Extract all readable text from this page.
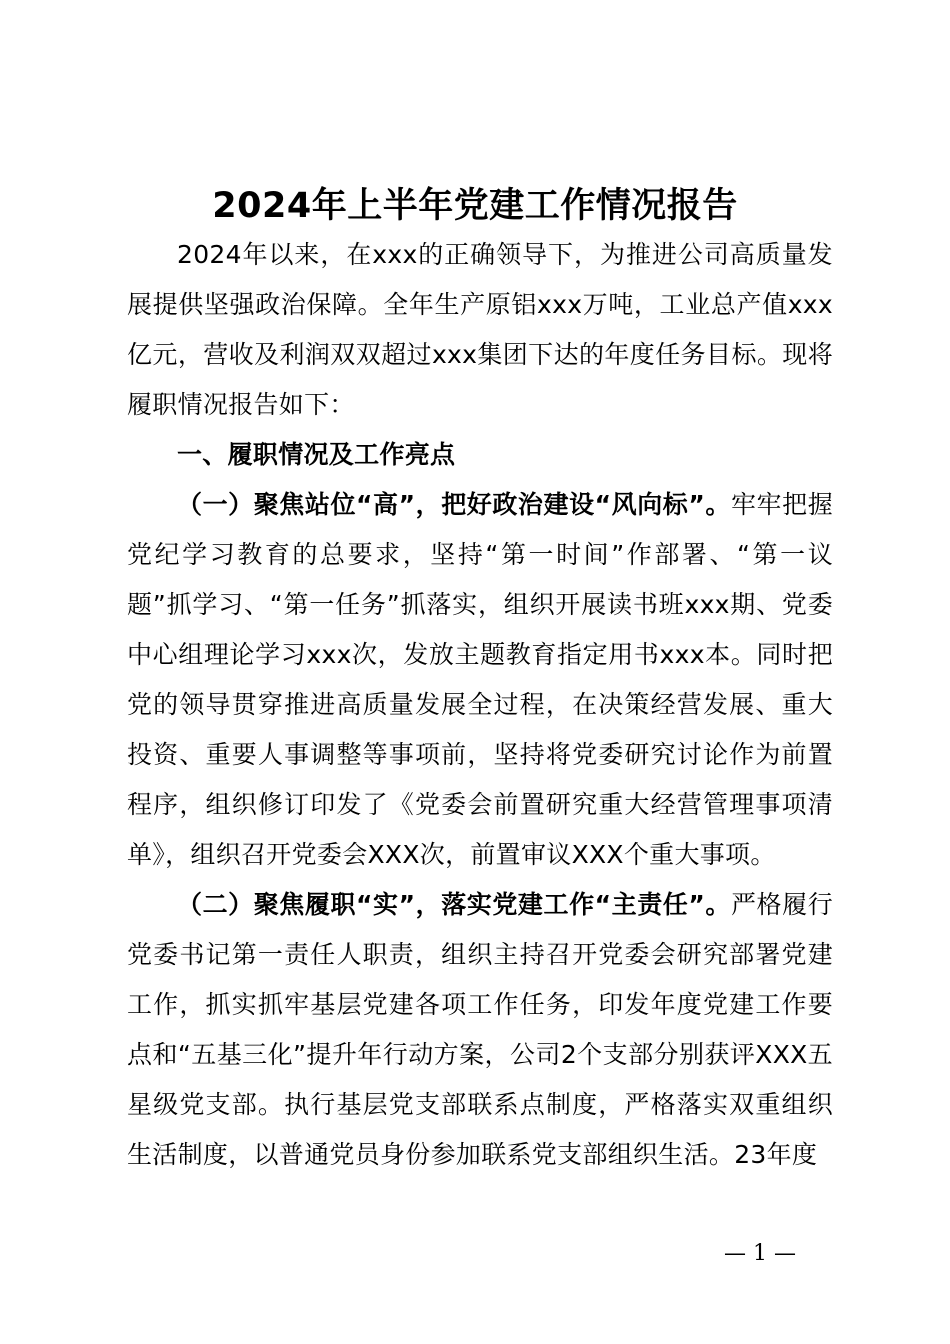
2024年上半年党建工作情况报告

2024年以来，在xxx的正确领导下，为推进公司高质量发展提供坚强政治保障。全年生产原铝xxx万吨，工业总产值xxx亿元，营收及利润双双超过xxx集团下达的年度任务目标。现将履职情况报告如下：

一、履职情况及工作亮点

（一）聚焦站位“高”，把好政治建设“风向标”。牢牢把握党纪学习教育的总要求，坚持“第一时间”作部署、“第一议题”抓学习、“第一任务”抓落实，组织开展读书班xxx期、党委中心组理论学习xxx次，发放主题教育指定用书xxx本。同时把党的领导贯穿推进高质量发展全过程，在决策经营发展、重大投资、重要人事调整等事项前，坚持将党委研究讨论作为前置程序，组织修订印发了《党委会前置研究重大经营管理事项清单》，组织召开党委会XXX次，前置审议XXX个重大事项。

（二）聚焦履职“实”，落实党建工作“主责任”。严格履行党委书记第一责任人职责，组织主持召开党委会研究部署党建工作，抓实抓牢基层党建各项工作任务，印发年度党建工作要点和“五基三化”提升年行动方案，公司2个支部分别获评XXX五星级党支部。执行基层党支部联系点制度，严格落实双重组织生活制度，以普通党员身份参加联系党支部组织生活。23年度

— 1 —
